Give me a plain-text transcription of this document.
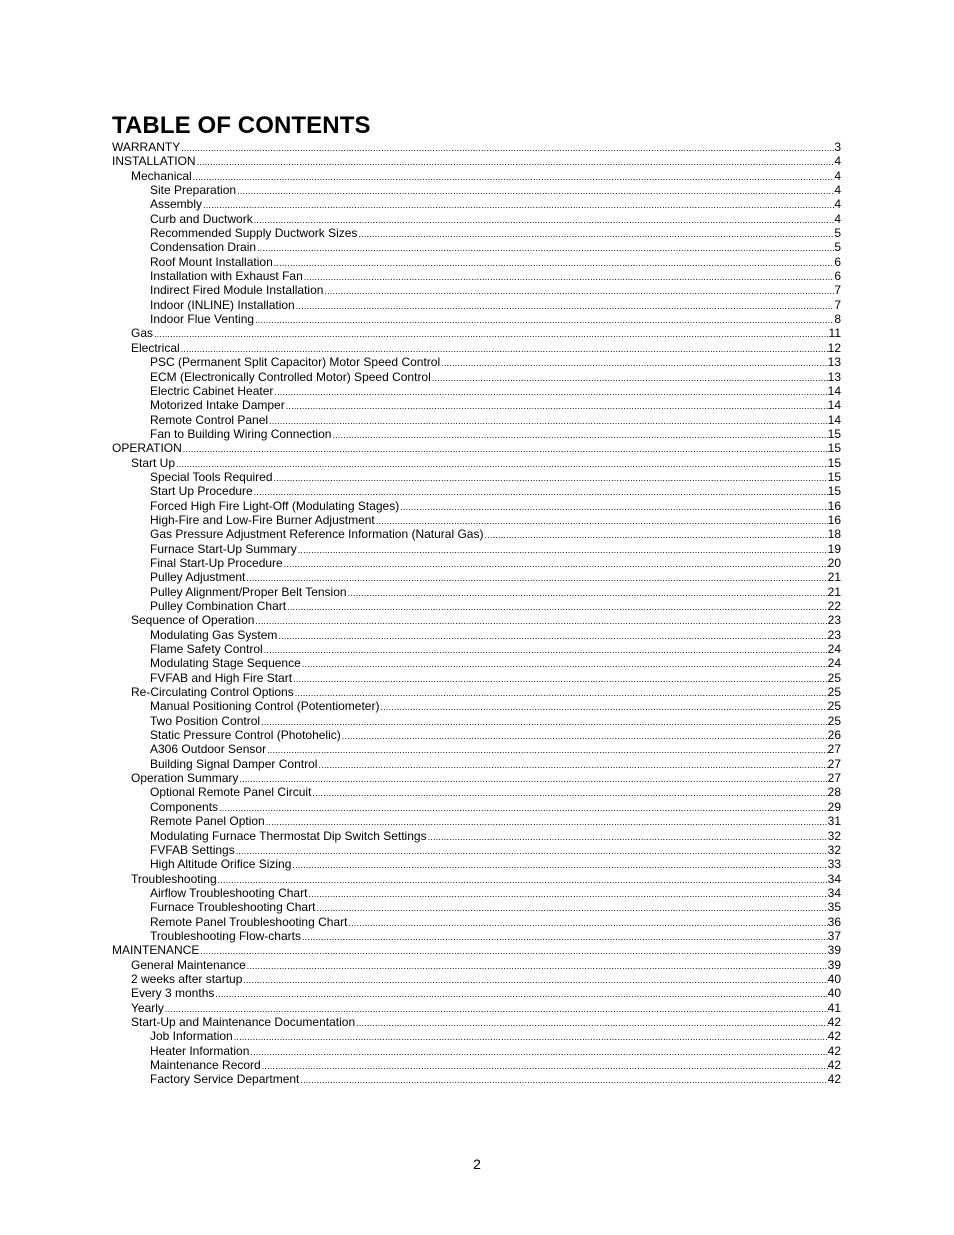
TABLE OF CONTENTS
WARRANTY .....	3
INSTALLATION .....	4
Mechanical .....	4
Site Preparation .....	4
Assembly .....	4
Curb and Ductwork .....	4
Recommended Supply Ductwork Sizes .....	5
Condensation Drain .....	5
Roof Mount Installation .....	6
Installation with Exhaust Fan .....	6
Indirect Fired Module Installation .....	7
Indoor (INLINE) Installation .....	7
Indoor Flue Venting .....	8
Gas .....	11
Electrical .....	12
PSC (Permanent Split Capacitor) Motor Speed Control .....	13
ECM (Electronically Controlled Motor) Speed Control .....	13
Electric Cabinet Heater .....	14
Motorized Intake Damper .....	14
Remote Control Panel .....	14
Fan to Building Wiring Connection .....	15
OPERATION .....	15
Start Up .....	15
Special Tools Required .....	15
Start Up Procedure .....	15
Forced High Fire Light-Off (Modulating Stages) .....	16
High-Fire and Low-Fire Burner Adjustment .....	16
Gas Pressure Adjustment Reference Information (Natural Gas) .....	18
Furnace Start-Up Summary .....	19
Final Start-Up Procedure .....	20
Pulley Adjustment .....	21
Pulley Alignment/Proper Belt Tension .....	21
Pulley Combination Chart .....	22
Sequence of Operation .....	23
Modulating Gas System .....	23
Flame Safety Control .....	24
Modulating Stage Sequence .....	24
FVFAB and High Fire Start .....	25
Re-Circulating Control Options .....	25
Manual Positioning Control (Potentiometer) .....	25
Two Position Control .....	25
Static Pressure Control (Photohelic) .....	26
A306 Outdoor Sensor .....	27
Building Signal Damper Control .....	27
Operation Summary .....	27
Optional Remote Panel Circuit .....	28
Components .....	29
Remote Panel Option .....	31
Modulating Furnace Thermostat Dip Switch Settings .....	32
FVFAB Settings .....	32
High Altitude Orifice Sizing .....	33
Troubleshooting .....	34
Airflow Troubleshooting Chart .....	34
Furnace Troubleshooting Chart .....	35
Remote Panel Troubleshooting Chart .....	36
Troubleshooting Flow-charts .....	37
MAINTENANCE .....	39
General Maintenance .....	39
2 weeks after startup .....	40
Every 3 months .....	40
Yearly .....	41
Start-Up and Maintenance Documentation .....	42
Job Information .....	42
Heater Information .....	42
Maintenance Record .....	42
Factory Service Department .....	42
2
